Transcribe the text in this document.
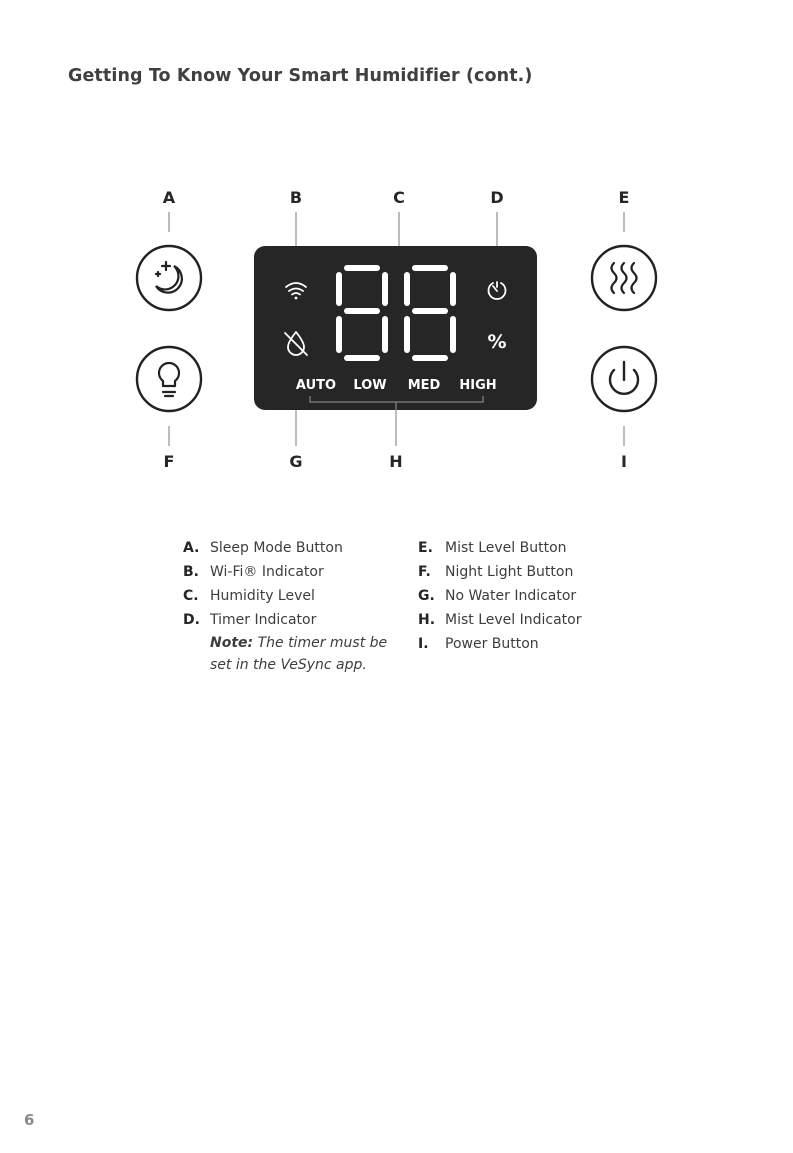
Getting To Know Your Smart Humidifier (cont.)
A	B	C	D	E
F	G	H	I
%
AUTO LOW MED HIGH
A. Sleep Mode Button
B. Wi-Fi® Indicator
C. Humidity Level
D. Timer Indicator
Note: The timer must be
set in the VeSync app.
E. Mist Level Button
F.	Night Light Button
G. No Water Indicator
H. Mist Level Indicator
I.	Power Button
6
